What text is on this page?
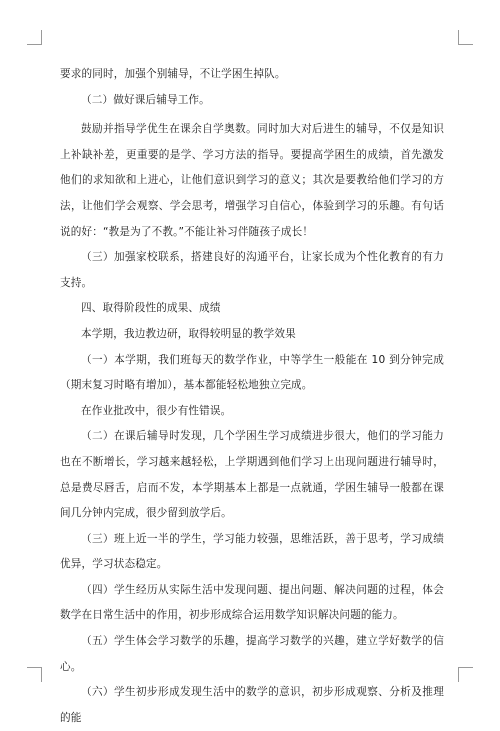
要求的同时，加强个别辅导，不让学困生掉队。

（二）做好课后辅导工作。

鼓励并指导学优生在课余自学奥数。同时加大对后进生的辅导，不仅是知识上补缺补差，更重要的是学、学习方法的指导。要提高学困生的成绩，首先激发他们的求知欲和上进心，让他们意识到学习的意义；其次是要教给他们学习的方法，让他们学会观察、学会思考，增强学习自信心，体验到学习的乐趣。有句话说的好：“教是为了不教。”不能让补习伴随孩子成长！

（三）加强家校联系，搭建良好的沟通平台，让家长成为个性化教育的有力支持。

四、取得阶段性的成果、成绩

本学期，我边教边研，取得较明显的教学效果

（一）本学期，我们班每天的数学作业，中等学生一般能在 10 到分钟完成（期末复习时略有增加），基本都能轻松地独立完成。

在作业批改中，很少有性错误。

（二）在课后辅导时发现，几个学困生学习成绩进步很大，他们的学习能力也在不断增长，学习越来越轻松，上学期遇到他们学习上出现问题进行辅导时，总是费尽唇舌，启而不发，本学期基本上都是一点就通，学困生辅导一般都在课间几分钟内完成，很少留到放学后。

（三）班上近一半的学生，学习能力较强，思维活跃，善于思考，学习成绩优异，学习状态稳定。

（四）学生经历从实际生活中发现问题、提出问题、解决问题的过程，体会数学在日常生活中的作用，初步形成综合运用数学知识解决问题的能力。

（五）学生体会学习数学的乐趣，提高学习数学的兴趣，建立学好数学的信心。

（六）学生初步形成发现生活中的数学的意识，初步形成观察、分析及推理的能
